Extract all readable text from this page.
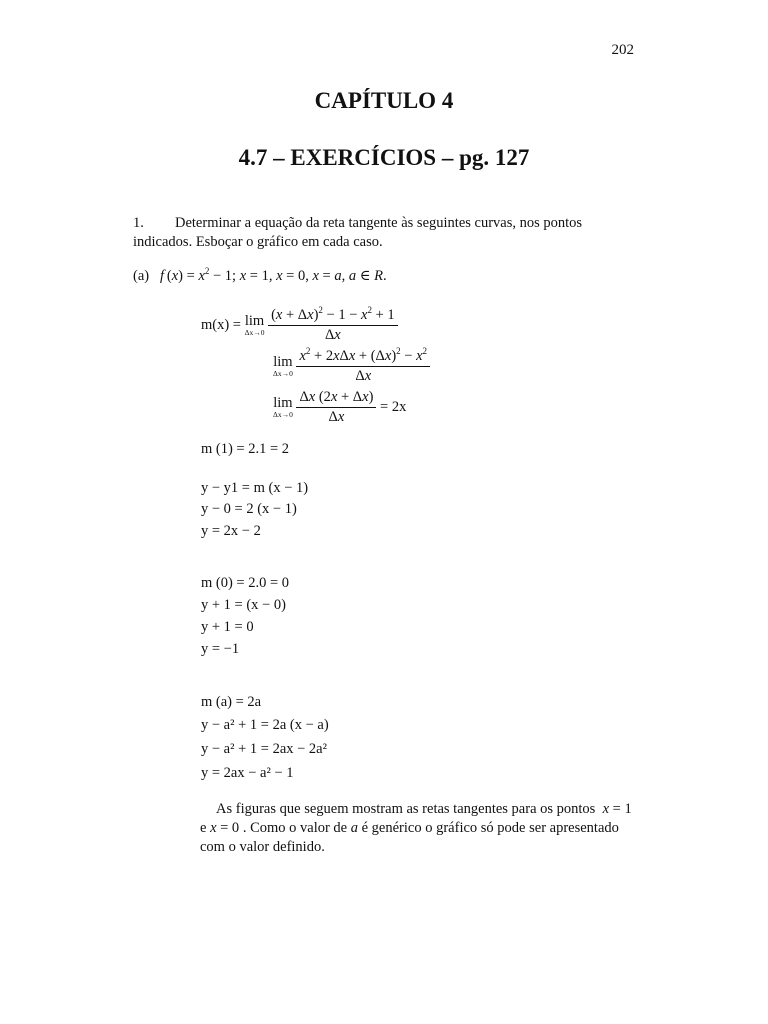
202
CAPÍTULO 4
4.7 – EXERCÍCIOS – pg. 127
1. Determinar a equação da reta tangente às seguintes curvas, nos pontos indicados. Esboçar o gráfico em cada caso.
(a) f $(x) = x^2 - 1$; x = 1, x = 0, x = a, a ∈ R.
m(x) = lim
Δx→0
$\frac{(x + \Delta x)^2 - 1 - x^2 + 1}{\Delta x}$
lim
Δx→0
$\frac{x^2 + 2x\Delta x + (\Delta x)^2 - x^2}{\Delta x}$
lim
Δx→0
$\frac{\Delta x (2x + \Delta x)}{\Delta x} = 2x$
m (1) = 2.1 = 2
y − y1 = m (x − 1)
y − 0 = 2 (x − 1)
y = 2x − 2
m (0) = 2.0 = 0
y + 1 = (x − 0)
y + 1 = 0
y = −1
m (a) = 2a
y − a² + 1 = 2a (x − a)
y − a² + 1 = 2ax − 2a²
y = 2ax − a² − 1
As figuras que seguem mostram as retas tangentes para os pontos x = 1  e x = 0 . Como o valor de a é genérico o gráfico só pode ser apresentado com o valor definido.
